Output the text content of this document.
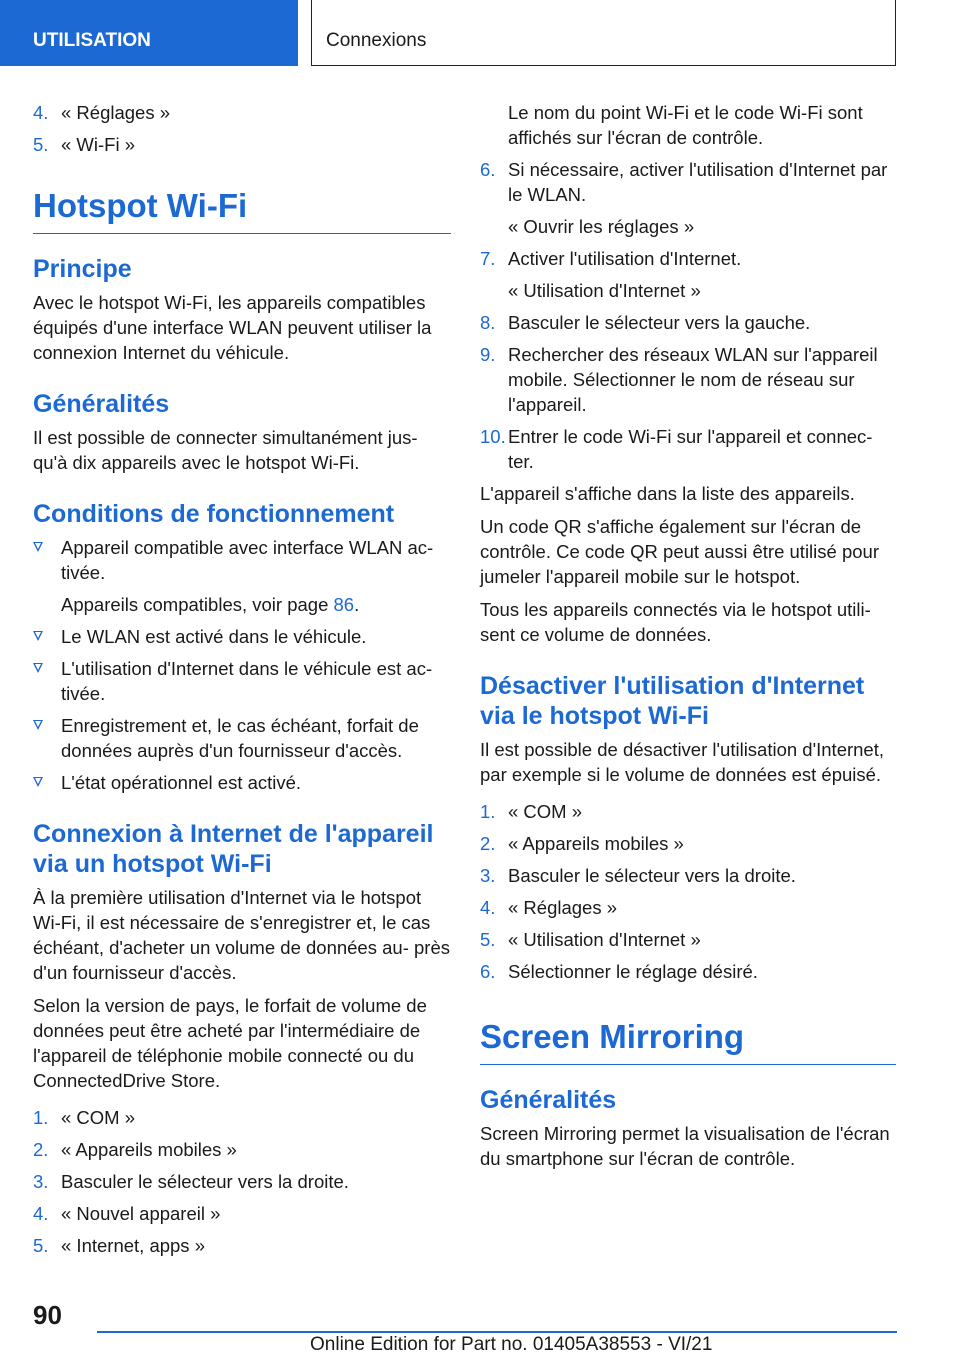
UTILISATION	Connexions
4. « Réglages »
5. « Wi-Fi »
Hotspot Wi-Fi
Principe

Avec le hotspot Wi-Fi, les appareils compatibles équipés d'une interface WLAN peuvent utiliser la connexion Internet du véhicule.

Généralités

Il est possible de connecter simultanément jus‐ qu'à dix appareils avec le hotspot Wi-Fi.

Conditions de fonctionnement
Appareil compatible avec interface WLAN ac‐ tivée.
Appareils compatibles, voir page 86.
Le WLAN est activé dans le véhicule.
L'utilisation d'Internet dans le véhicule est ac‐ tivée.
Enregistrement et, le cas échéant, forfait de données auprès d'un fournisseur d'accès.
L'état opérationnel est activé.
Connexion à Internet de l'appareil via un hotspot Wi-Fi

À la première utilisation d'Internet via le hotspot Wi-Fi, il est nécessaire de s'enregistrer et, le cas échéant, d'acheter un volume de données au‐ près d'un fournisseur d'accès.

Selon la version de pays, le forfait de volume de données peut être acheté par l'intermédiaire de l'appareil de téléphonie mobile connecté ou du ConnectedDrive Store.

1. « COM »
2. « Appareils mobiles »
3. Basculer le sélecteur vers la droite.
4. « Nouvel appareil »
5. « Internet, apps »
Le nom du point Wi-Fi et le code Wi-Fi sont affichés sur l'écran de contrôle.
6. Si nécessaire, activer l'utilisation d'Internet par le WLAN.
« Ouvrir les réglages »
7. Activer l'utilisation d'Internet.
« Utilisation d'Internet »
8. Basculer le sélecteur vers la gauche.
9. Rechercher des réseaux WLAN sur l'appareil mobile. Sélectionner le nom de réseau sur l'appareil.
10. Entrer le code Wi-Fi sur l'appareil et connec‐ ter.

L'appareil s'affiche dans la liste des appareils.

Un code QR s'affiche également sur l'écran de contrôle. Ce code QR peut aussi être utilisé pour jumeler l'appareil mobile sur le hotspot.

Tous les appareils connectés via le hotspot utili‐ sent ce volume de données.

Désactiver l'utilisation d'Internet via le hotspot Wi-Fi

Il est possible de désactiver l'utilisation d'Internet, par exemple si le volume de données est épuisé.

1. « COM »
2. « Appareils mobiles »
3. Basculer le sélecteur vers la droite.
4. « Réglages »
5. « Utilisation d'Internet »
6. Sélectionner le réglage désiré.
Screen Mirroring
Généralités

Screen Mirroring permet la visualisation de l'écran du smartphone sur l'écran de contrôle.

90
Online Edition for Part no. 01405A38553 - VI/21
